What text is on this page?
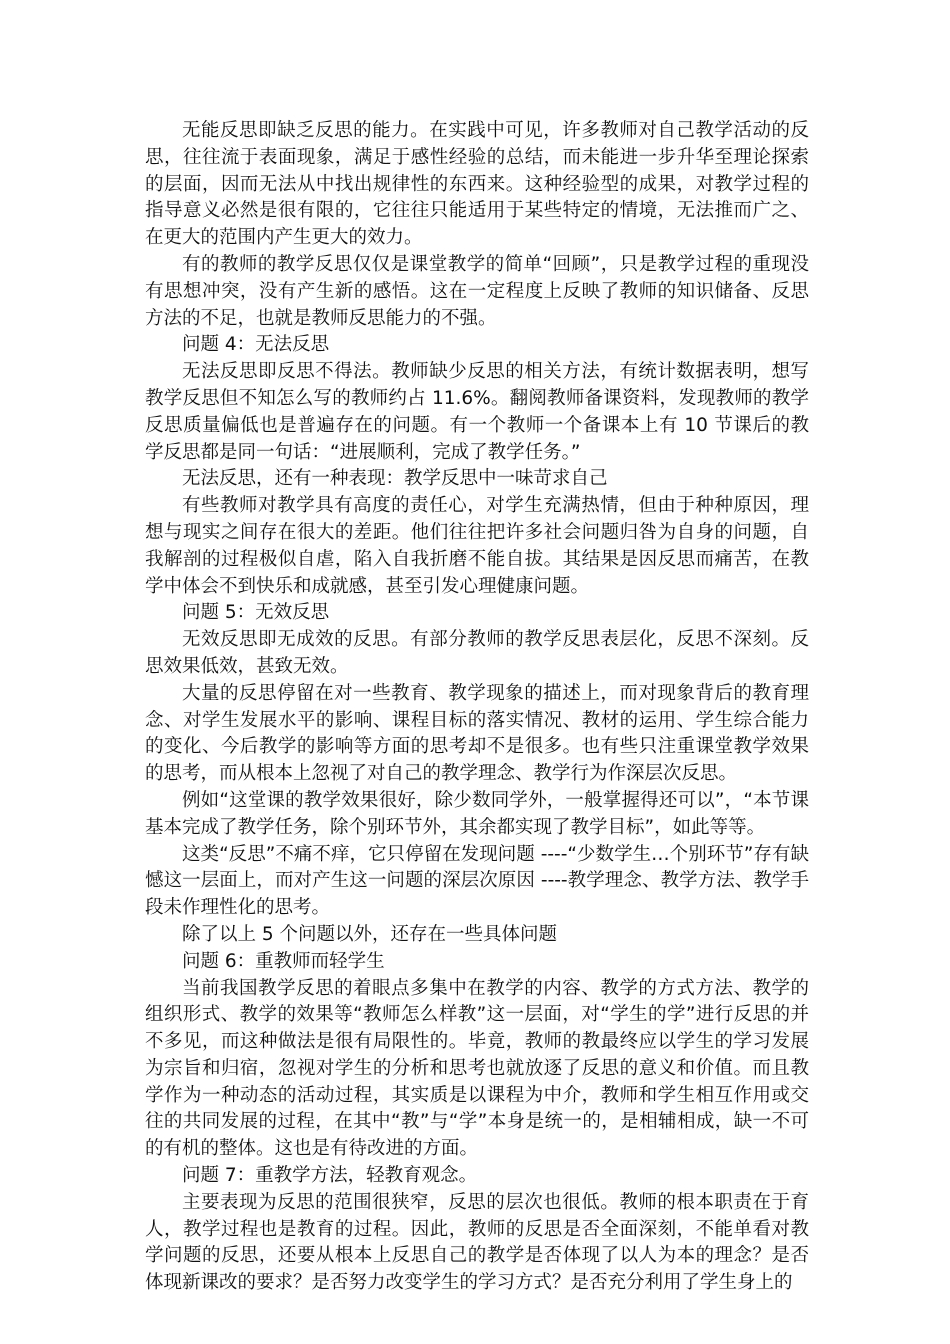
无能反思即缺乏反思的能力。在实践中可见，许多教师对自己教学活动的反思，往往流于表面现象，满足于感性经验的总结，而未能进一步升华至理论探索的层面，因而无法从中找出规律性的东西来。这种经验型的成果，对教学过程的指导意义必然是很有限的，它往往只能适用于某些特定的情境，无法推而广之、在更大的范围内产生更大的效力。

有的教师的教学反思仅仅是课堂教学的简单“回顾”，只是教学过程的重现没有思想冲突，没有产生新的感悟。这在一定程度上反映了教师的知识储备、反思方法的不足，也就是教师反思能力的不强。

问题 4：无法反思

无法反思即反思不得法。教师缺少反思的相关方法，有统计数据表明，想写教学反思但不知怎么写的教师约占 11.6%。翻阅教师备课资料，发现教师的教学反思质量偏低也是普遍存在的问题。有一个教师一个备课本上有 10 节课后的教学反思都是同一句话：“进展顺利，完成了教学任务。”

无法反思，还有一种表现：教学反思中一味苛求自己

有些教师对教学具有高度的责任心，对学生充满热情，但由于种种原因，理想与现实之间存在很大的差距。他们往往把许多社会问题归咎为自身的问题，自我解剖的过程极似自虐，陷入自我折磨不能自拔。其结果是因反思而痛苦，在教学中体会不到快乐和成就感，甚至引发心理健康问题。

问题 5：无效反思

无效反思即无成效的反思。有部分教师的教学反思表层化，反思不深刻。反思效果低效，甚致无效。

大量的反思停留在对一些教育、教学现象的描述上，而对现象背后的教育理念、对学生发展水平的影响、课程目标的落实情况、教材的运用、学生综合能力的变化、今后教学的影响等方面的思考却不是很多。也有些只注重课堂教学效果的思考，而从根本上忽视了对自己的教学理念、教学行为作深层次反思。

例如“这堂课的教学效果很好，除少数同学外，一般掌握得还可以”，“本节课基本完成了教学任务，除个别环节外，其余都实现了教学目标”，如此等等。

这类“反思”不痛不痒，它只停留在发现问题 ----“少数学生…个别环节”存有缺憾这一层面上，而对产生这一问题的深层次原因 ----教学理念、教学方法、教学手段未作理性化的思考。

除了以上 5 个问题以外，还存在一些具体问题

问题 6：重教师而轻学生

当前我国教学反思的着眼点多集中在教学的内容、教学的方式方法、教学的组织形式、教学的效果等“教师怎么样教”这一层面，对“学生的学”进行反思的并不多见，而这种做法是很有局限性的。毕竟，教师的教最终应以学生的学习发展为宗旨和归宿，忽视对学生的分析和思考也就放逐了反思的意义和价值。而且教学作为一种动态的活动过程，其实质是以课程为中介，教师和学生相互作用或交往的共同发展的过程，在其中“教”与“学”本身是统一的，是相辅相成，缺一不可的有机的整体。这也是有待改进的方面。

问题 7：重教学方法，轻教育观念。

主要表现为反思的范围很狭窄，反思的层次也很低。教师的根本职责在于育人，教学过程也是教育的过程。因此，教师的反思是否全面深刻，不能单看对教学问题的反思，还要从根本上反思自己的教学是否体现了以人为本的理念？是否体现新课改的要求？是否努力改变学生的学习方式？是否充分利用了学生身上的
